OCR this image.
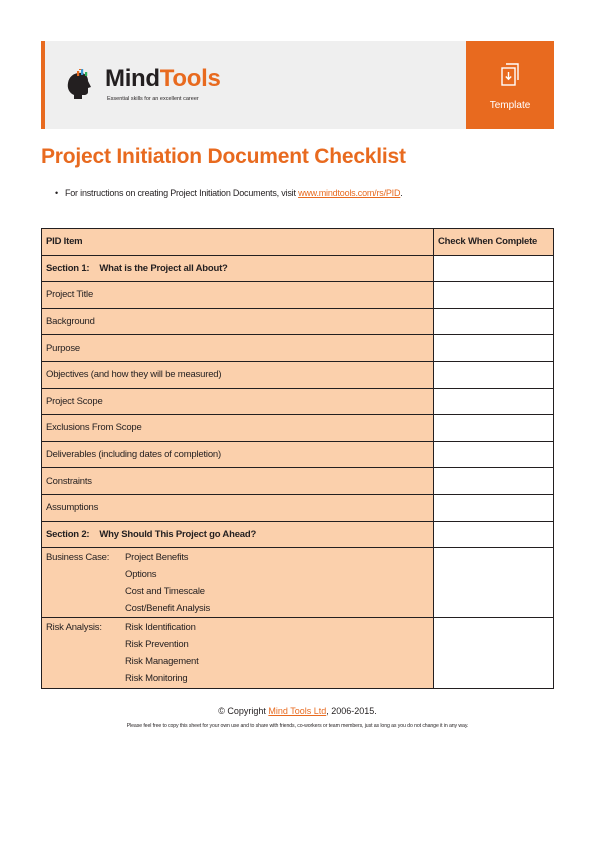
MindTools
Essential skills for an excellent career
Template
Project Initiation Document Checklist
• For instructions on creating Project Initiation Documents, visit www.mindtools.com/rs/PID.
PID Item	Check When Complete
Section 1: What is the Project all About?	
Project Title	
Background	
Purpose	
Objectives (and how they will be measured)	
Project Scope	
Exclusions From Scope	
Deliverables (including dates of completion)	
Constraints	
Assumptions	
Section 2: Why Should This Project go Ahead?	

Business Case: Project Benefits
Options
Cost and Timescale
Cost/Benefit Analysis	

Risk Analysis: Risk Identification
Risk Prevention
Risk Management
Risk Monitoring	

© Copyright Mind Tools Ltd, 2006-2015.
Please feel free to copy this sheet for your own use and to share with friends, co-workers or team members, just as long as you do not change it in any way.
